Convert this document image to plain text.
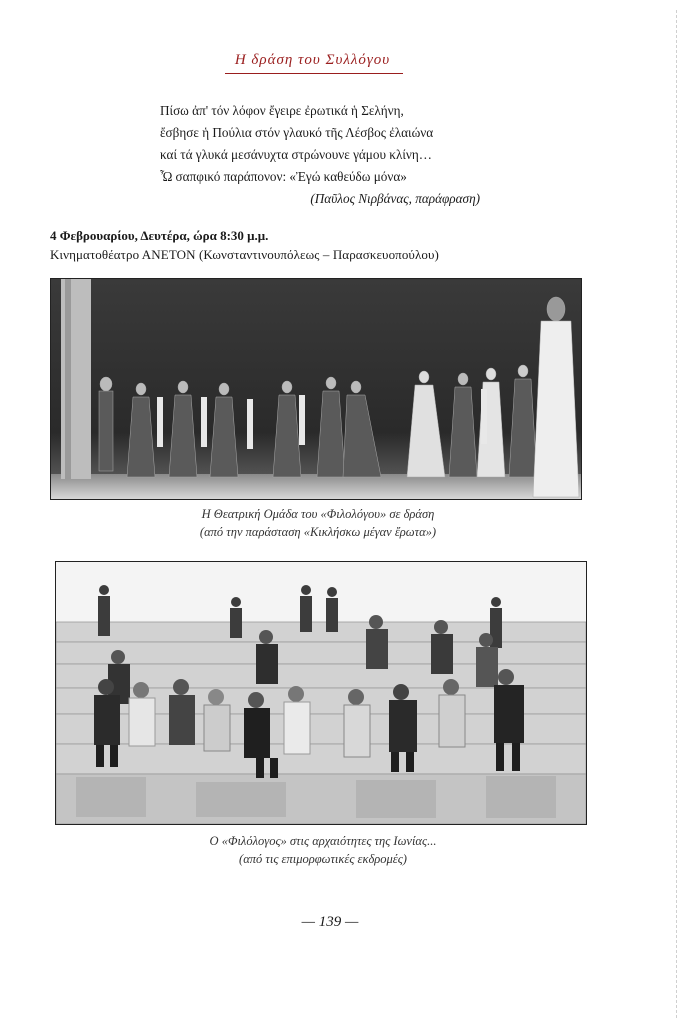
Η δράση του Συλλόγου
Πίσω ἀπ' τόν λόφον ἔγειρε ἐρωτικά ἡ Σελήνη,
ἔσβησε ἡ Πούλια στόν γλαυκό τῆς Λέσβος ἐλαιώνα
καί τά γλυκά μεσάνυχτα στρώνουνε γάμου κλίνη…
Ὦ σαπφικό παράπονον: «Ἐγώ καθεύδω μόνα»
(Παῦλος Νιρβάνας, παράφραση)
4 Φεβρουαρίου, Δευτέρα, ώρα 8:30 μ.μ.
Κινηματοθέατρο ΑΝΕΤΟΝ (Κωνσταντινουπόλεως – Παρασκευοπούλου)
Η Θεατρική Ομάδα του «Φιλολόγου» σε δράση
(από την παράσταση «Κικλήσκω μέγαν ἔρωτα»)
Ο «Φιλόλογος» στις αρχαιότητες της Ιωνίας...
(από τις επιμορφωτικές εκδρομές)
— 139 —
